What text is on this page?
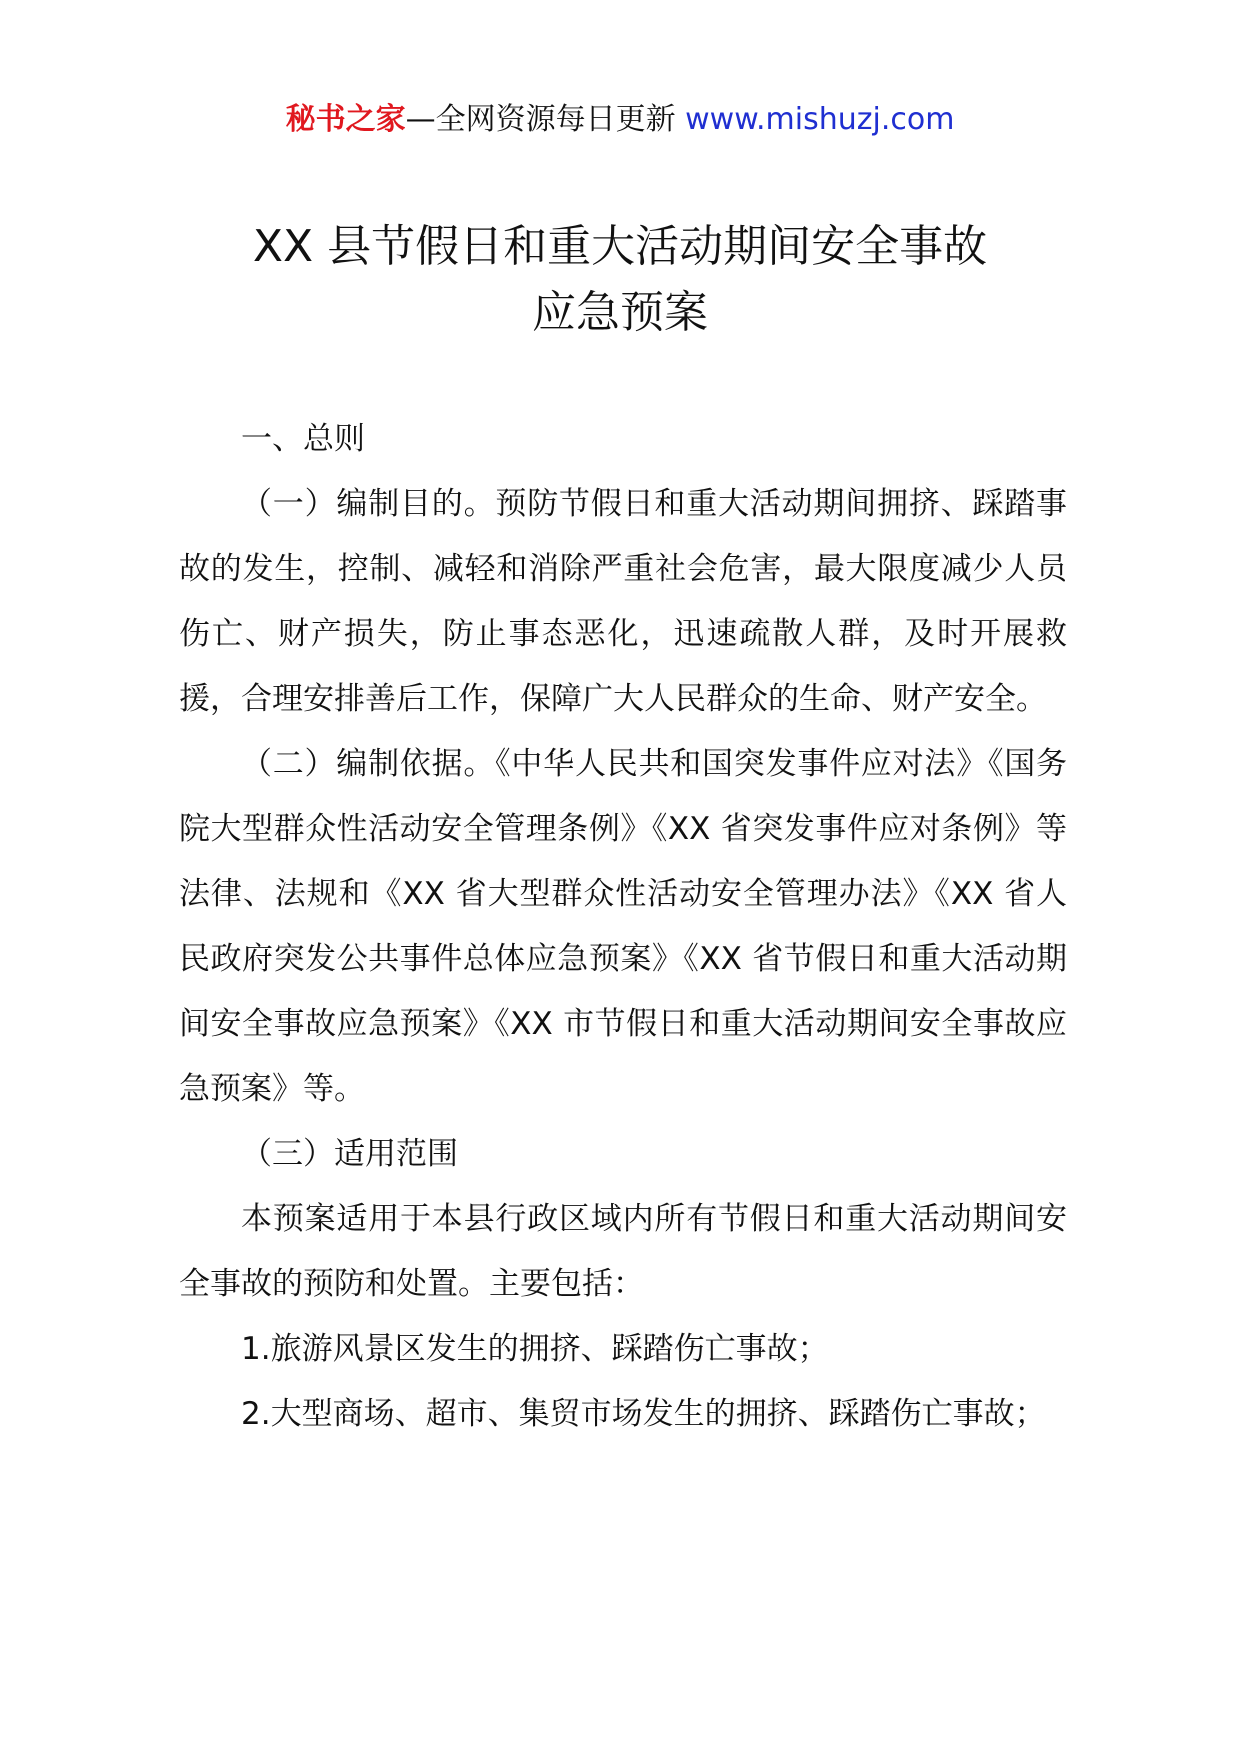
秘书之家—全网资源每日更新 www.mishuzj.com
XX 县节假日和重大活动期间安全事故
应急预案

一、总则

（一）编制目的。预防节假日和重大活动期间拥挤、踩踏事故的发生，控制、减轻和消除严重社会危害，最大限度减少人员伤亡、财产损失，防止事态恶化，迅速疏散人群，及时开展救援，合理安排善后工作，保障广大人民群众的生命、财产安全。

（二）编制依据。《中华人民共和国突发事件应对法》《国务院大型群众性活动安全管理条例》《XX 省突发事件应对条例》等法律、法规和《XX 省大型群众性活动安全管理办法》《XX 省人民政府突发公共事件总体应急预案》《XX 省节假日和重大活动期间安全事故应急预案》《XX 市节假日和重大活动期间安全事故应急预案》等。

（三）适用范围

本预案适用于本县行政区域内所有节假日和重大活动期间安全事故的预防和处置。主要包括：

1.旅游风景区发生的拥挤、踩踏伤亡事故；

2.大型商场、超市、集贸市场发生的拥挤、踩踏伤亡事故；
